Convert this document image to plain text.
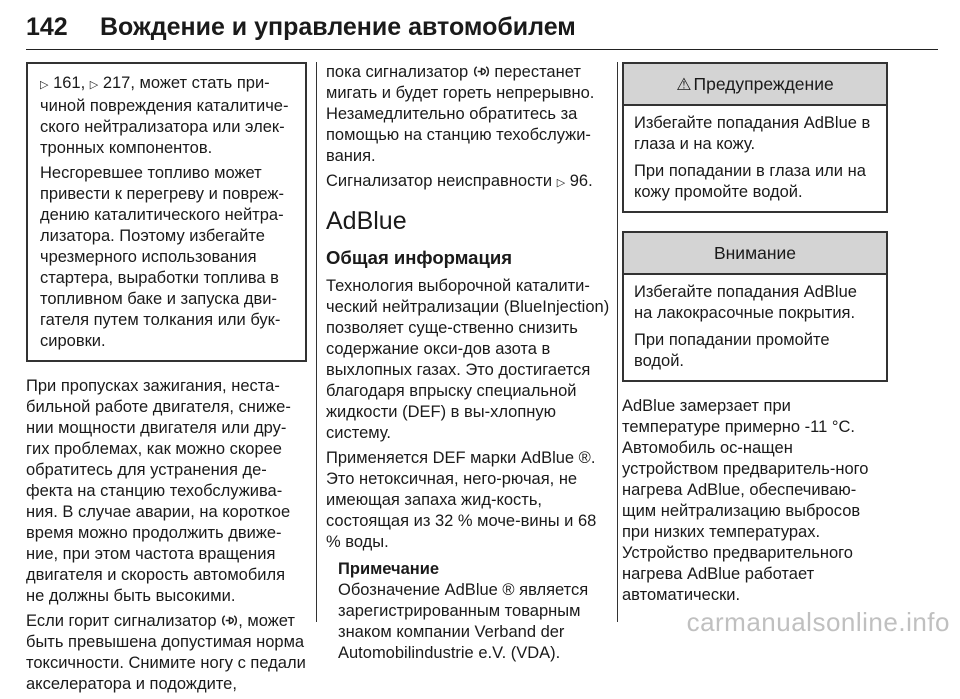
142	Вождение и управление автомобилем

▷ 161, ▷ 217, может стать при-чиной повреждения каталитиче-ского нейтрализатора или элек-тронных компонентов.

Несгоревшее топливо может привести к перегреву и повреж-дению каталитического нейтра-лизатора. Поэтому избегайте чрезмерного использования стартера, выработки топлива в топливном баке и запуска дви-гателя путем толкания или бук-сировки.

При пропусках зажигания, неста-бильной работе двигателя, сниже-нии мощности двигателя или дру-гих проблемах, как можно скорее обратитесь для устранения де-фекта на станцию техобслужива-ния. В случае аварии, на короткое время можно продолжить движе-ние, при этом частота вращения двигателя и скорость автомобиля не должны быть высокими.

Если горит сигнализатор , может быть превышена допустимая норма токсичности. Снимите ногу с педали акселератора и подождите,

пока сигнализатор  перестанет мигать и будет гореть непрерывно. Незамедлительно обратитесь за помощью на станцию техобслужи-вания.

Сигнализатор неисправности ▷ 96.

AdBlue
Общая информация

Технология выборочной каталити-ческий нейтрализации (BlueInjection) позволяет суще-ственно снизить содержание окси-дов азота в выхлопных газах. Это достигается благодаря впрыску специальной жидкости (DEF) в вы-хлопную систему.

Применяется DEF марки AdBlue ®. Это нетоксичная, него-рючая, не имеющая запаха жид-кость, состоящая из 32 % моче-вины и 68 % воды.

Примечание

Обозначение AdBlue ® является зарегистрированным товарным знаком компании Verband der Automobilindustrie e.V. (VDA).

⚠ Предупреждение

Избегайте попадания AdBlue в глаза и на кожу.

При попадании в глаза или на кожу промойте водой.

Внимание

Избегайте попадания AdBlue на лакокрасочные покрытия.

При попадании промойте водой.

AdBlue замерзает при температуре примерно -11 °C. Автомобиль ос-нащен устройством предваритель-ного нагрева AdBlue, обеспечиваю-щим нейтрализацию выбросов при низких температурах. Устройство предварительного нагрева AdBlue работает автоматически.

carmanualsonline.info
